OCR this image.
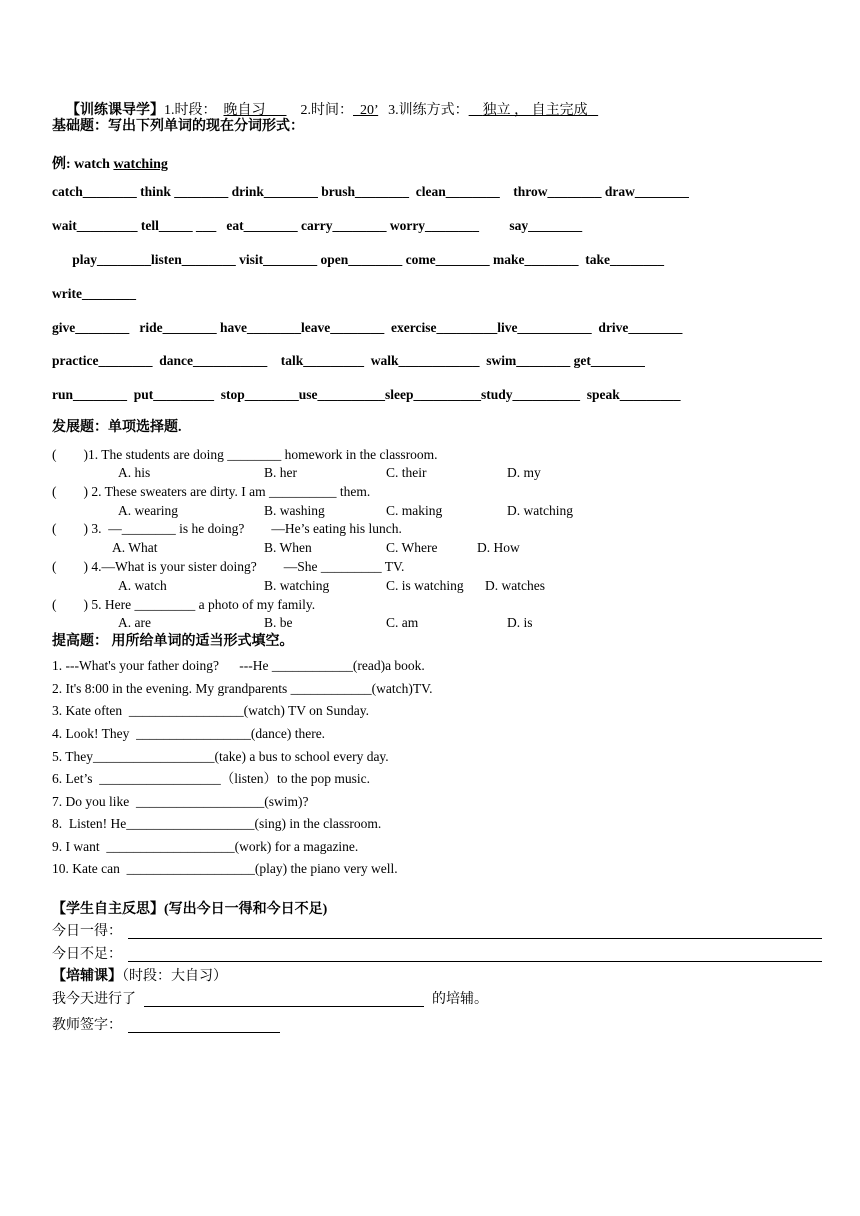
【训练课导学】1.时段： 晚自习	2.时间： 20’ 3.训练方式： 独立 ， 自主完成

基础题：写出下列单词的现在分词形式：
例: watch watching
catch________ think ________ drink________ brush________  clean________    throw________ draw________
wait_________ tell_____ ___   eat________ carry________ worry________         say________
play________listen________ visit________ open________ come________ make________  take________
write________
give________   ride________ have________leave________  exercise_________live___________  drive________
practice________  dance___________    talk_________  walk____________  swim________ get________
run________  put_________  stop________use__________sleep__________study__________  speak_________
发展题：单项选择题.
(        )1. The students are doing ________ homework in the classroom.
A. his	B. her	C. their	D. my
(        ) 2. These sweaters are dirty. I am __________ them.
A. wearing	B. washing	C. making	D. watching
(        ) 3.  —________ is he doing?        —He’s eating his lunch.
A. What	B. When	C. Where	D. How
(        ) 4.—What is your sister doing?        —She _________ TV.
A. watch	B. watching	C. is watching D. watches
(        ) 5. Here _________ a photo of my family.
A. are	B. be	C. am	D. is
提高题： 用所给单词的适当形式填空。
1. ---What's your father doing?      ---He ____________(read)a book.
2. It's 8:00 in the evening. My grandparents ____________(watch)TV.
3. Kate often  _________________(watch) TV on Sunday.
4. Look! They  _________________(dance) there.
5. They__________________(take) a bus to school every day.
6. Let’s  __________________（listen）to the pop music.
7. Do you like  ___________________(swim)?
8.  Listen! He___________________(sing) in the classroom.
9. I want  ___________________(work) for a magazine.
10. Kate can  ___________________(play) the piano very well.
【学生自主反思】(写出今日一得和今日不足)
今日一得：
今日不足：
【培辅课】（时段：大自习）
我今天进行了	的培辅。
教师签字：
